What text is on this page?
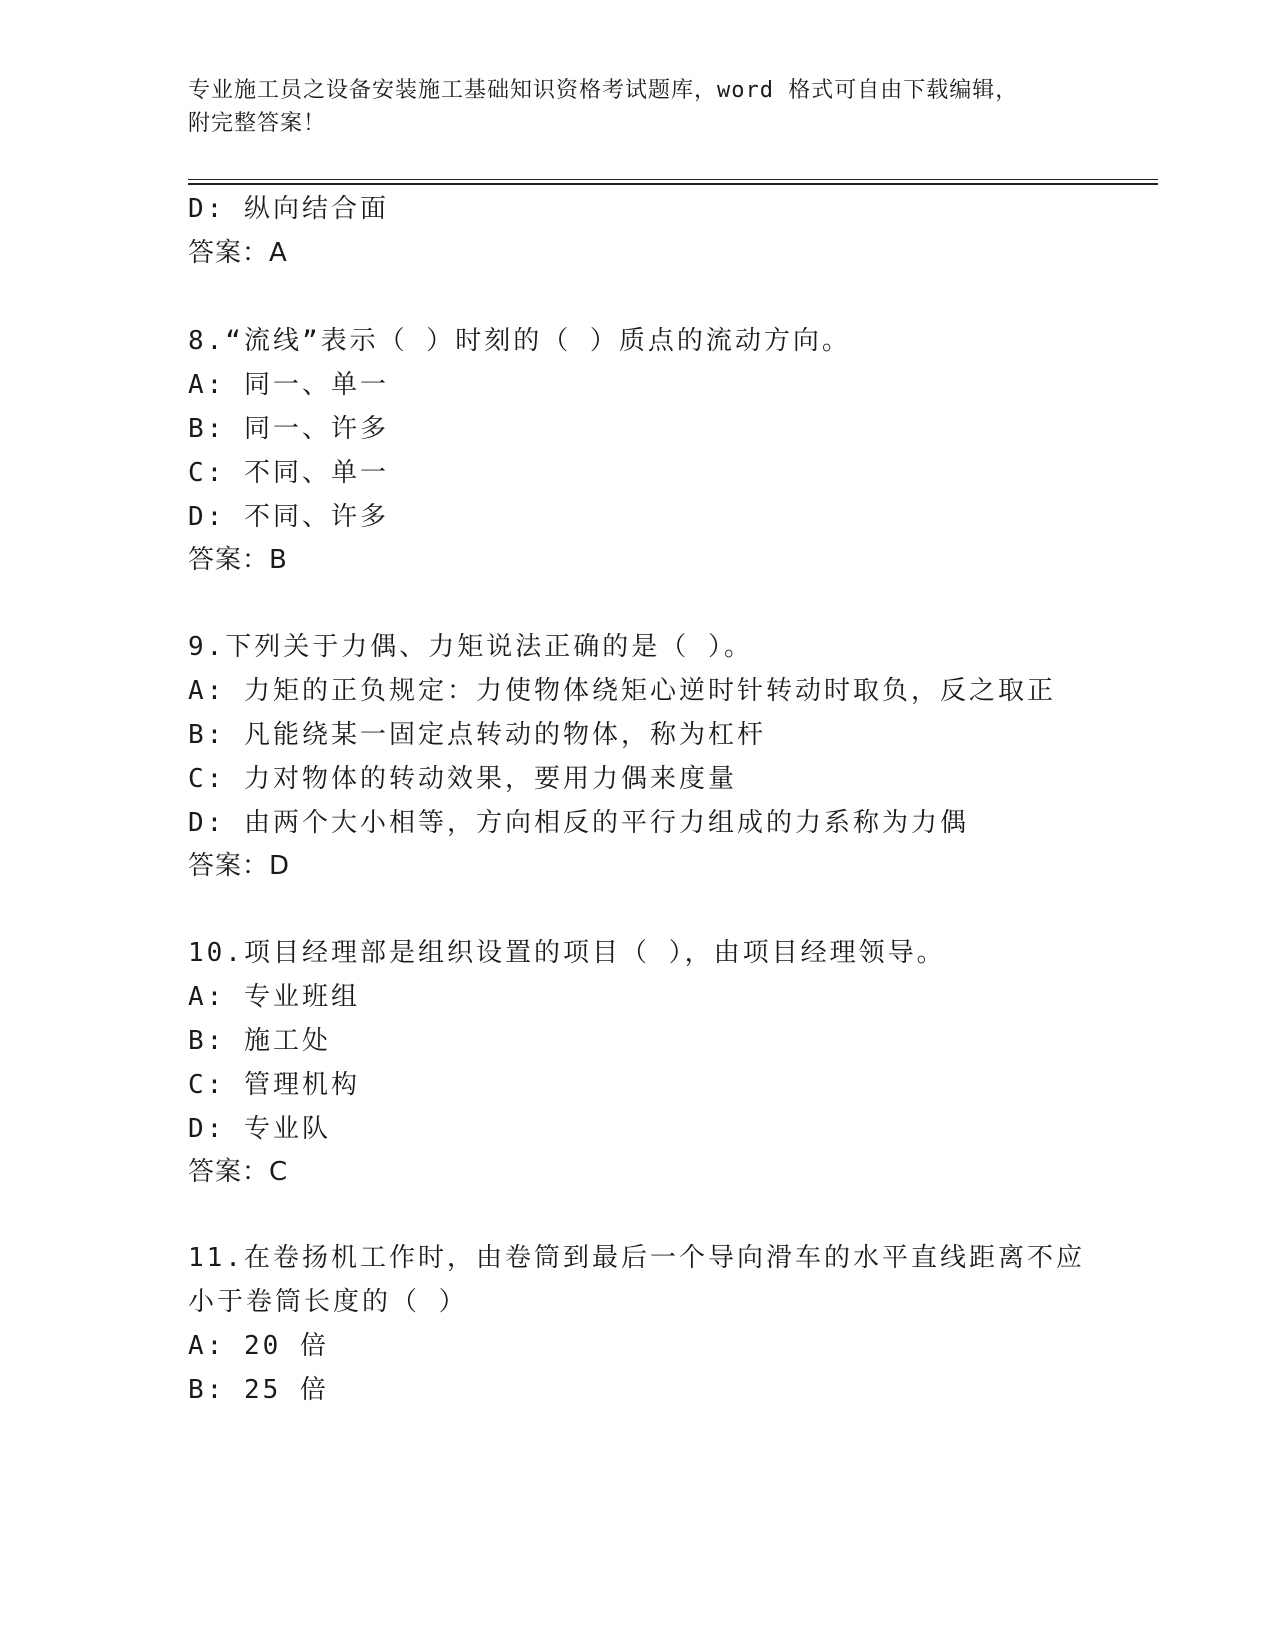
专业施工员之设备安装施工基础知识资格考试题库，word 格式可自由下载编辑，
附完整答案！
D: 纵向结合面
答案：A
8.“流线”表示（ ）时刻的（ ）质点的流动方向。
A: 同一、单一
B: 同一、许多
C: 不同、单一
D: 不同、许多
答案：B
9.下列关于力偶、力矩说法正确的是（ ）。
A: 力矩的正负规定：力使物体绕矩心逆时针转动时取负，反之取正
B: 凡能绕某一固定点转动的物体，称为杠杆
C: 力对物体的转动效果，要用力偶来度量
D: 由两个大小相等，方向相反的平行力组成的力系称为力偶
答案：D
10.项目经理部是组织设置的项目（ ），由项目经理领导。
A: 专业班组
B: 施工处
C: 管理机构
D: 专业队
答案：C
11.在卷扬机工作时，由卷筒到最后一个导向滑车的水平直线距离不应
小于卷筒长度的（ ）
A: 20 倍
B: 25 倍
